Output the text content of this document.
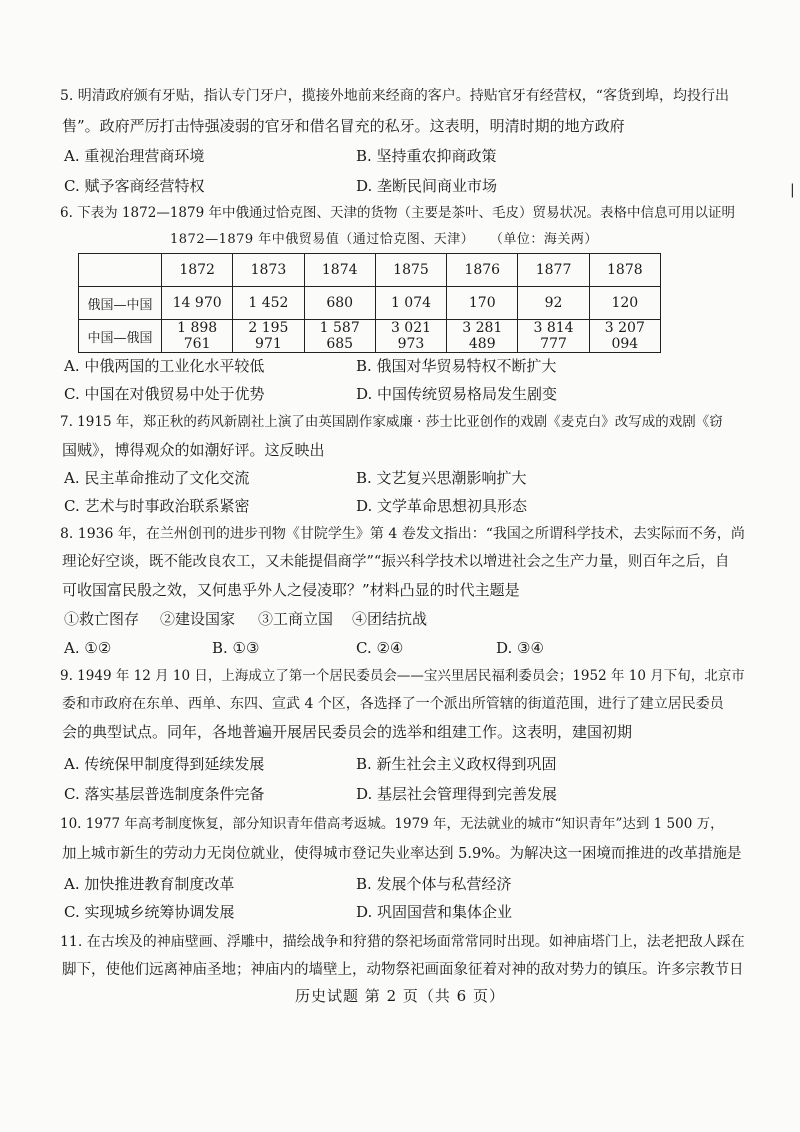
5. 明清政府颁有牙贴，指认专门牙户，揽接外地前来经商的客户。持贴官牙有经营权，“客货到埠，均投行出
售”。政府严厉打击恃强凌弱的官牙和借名冒充的私牙。这表明，明清时期的地方政府
A. 重视治理营商环境	B. 坚持重农抑商政策
C. 赋予客商经营特权	D. 垄断民间商业市场	|
6. 下表为 1872—1879 年中俄通过恰克图、天津的货物（主要是茶叶、毛皮）贸易状况。表格中信息可用以证明
1872—1879 年中俄贸易值（通过恰克图、天津） （单位：海关两）
	1872	1873	1874	1875	1876	1877	1878
俄国—中国	14 970	1 452	680	1 074	170	92	120
中国—俄国	1 898 761	2 195 971	1 587 685	3 021 973	3 281 489	3 814 777	3 207 094
A. 中俄两国的工业化水平较低	B. 俄国对华贸易特权不断扩大
C. 中国在对俄贸易中处于优势	D. 中国传统贸易格局发生剧变
7. 1915 年，郑正秋的药风新剧社上演了由英国剧作家威廉 · 莎士比亚创作的戏剧《麦克白》改写成的戏剧《窃
国贼》，博得观众的如潮好评。这反映出
A. 民主革命推动了文化交流	B. 文艺复兴思潮影响扩大
C. 艺术与时事政治联系紧密	D. 文学革命思想初具形态
8. 1936 年，在兰州创刊的进步刊物《甘院学生》第 4 卷发文指出：“我国之所谓科学技术，去实际而不务，尚
理论好空谈，既不能改良农工，又未能提倡商学”“振兴科学技术以增进社会之生产力量，则百年之后，自
可收国富民殷之效，又何患乎外人之侵凌耶？”材料凸显的时代主题是
①救亡图存 ②建设国家 ③工商立国 ④团结抗战
A. ①②	B. ①③	C. ②④	D. ③④
9. 1949 年 12 月 10 日，上海成立了第一个居民委员会——宝兴里居民福利委员会；1952 年 10 月下旬，北京市
委和市政府在东单、西单、东四、宣武 4 个区，各选择了一个派出所管辖的街道范围，进行了建立居民委员
会的典型试点。同年，各地普遍开展居民委员会的选举和组建工作。这表明，建国初期
A. 传统保甲制度得到延续发展	B. 新生社会主义政权得到巩固
C. 落实基层普选制度条件完备	D. 基层社会管理得到完善发展
10. 1977 年高考制度恢复，部分知识青年借高考返城。1979 年，无法就业的城市“知识青年”达到 1 500 万，
加上城市新生的劳动力无岗位就业，使得城市登记失业率达到 5.9%。为解决这一困境而推进的改革措施是
A. 加快推进教育制度改革	B. 发展个体与私营经济
C. 实现城乡统筹协调发展	D. 巩固国营和集体企业
11. 在古埃及的神庙壁画、浮雕中，描绘战争和狩猎的祭祀场面常常同时出现。如神庙塔门上，法老把敌人踩在
脚下，使他们远离神庙圣地；神庙内的墙壁上，动物祭祀画面象征着对神的敌对势力的镇压。许多宗教节日
历史试题 第 2 页（共 6 页）
